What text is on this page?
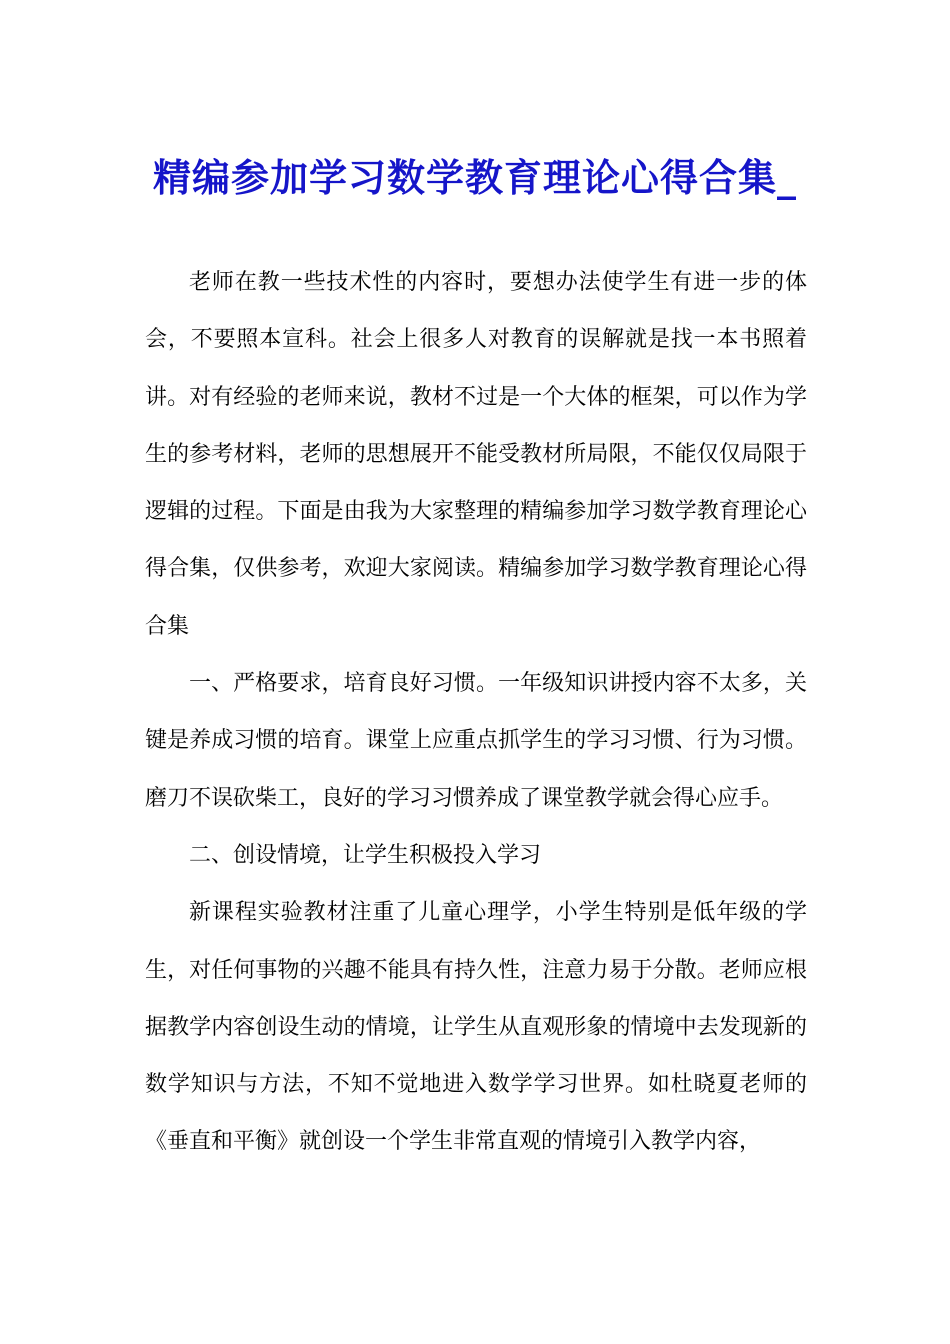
精编参加学习数学教育理论心得合集_

老师在教一些技术性的内容时，要想办法使学生有进一步的体会，不要照本宣科。社会上很多人对教育的误解就是找一本书照着讲。对有经验的老师来说，教材不过是一个大体的框架，可以作为学生的参考材料，老师的思想展开不能受教材所局限，不能仅仅局限于逻辑的过程。下面是由我为大家整理的精编参加学习数学教育理论心得合集，仅供参考，欢迎大家阅读。精编参加学习数学教育理论心得合集

一、严格要求，培育良好习惯。一年级知识讲授内容不太多，关键是养成习惯的培育。课堂上应重点抓学生的学习习惯、行为习惯。磨刀不误砍柴工，良好的学习习惯养成了课堂教学就会得心应手。

二、创设情境，让学生积极投入学习

新课程实验教材注重了儿童心理学，小学生特别是低年级的学生，对任何事物的兴趣不能具有持久性，注意力易于分散。老师应根据教学内容创设生动的情境，让学生从直观形象的情境中去发现新的数学知识与方法，不知不觉地进入数学学习世界。如杜晓夏老师的《垂直和平衡》就创设一个学生非常直观的情境引入教学内容，
